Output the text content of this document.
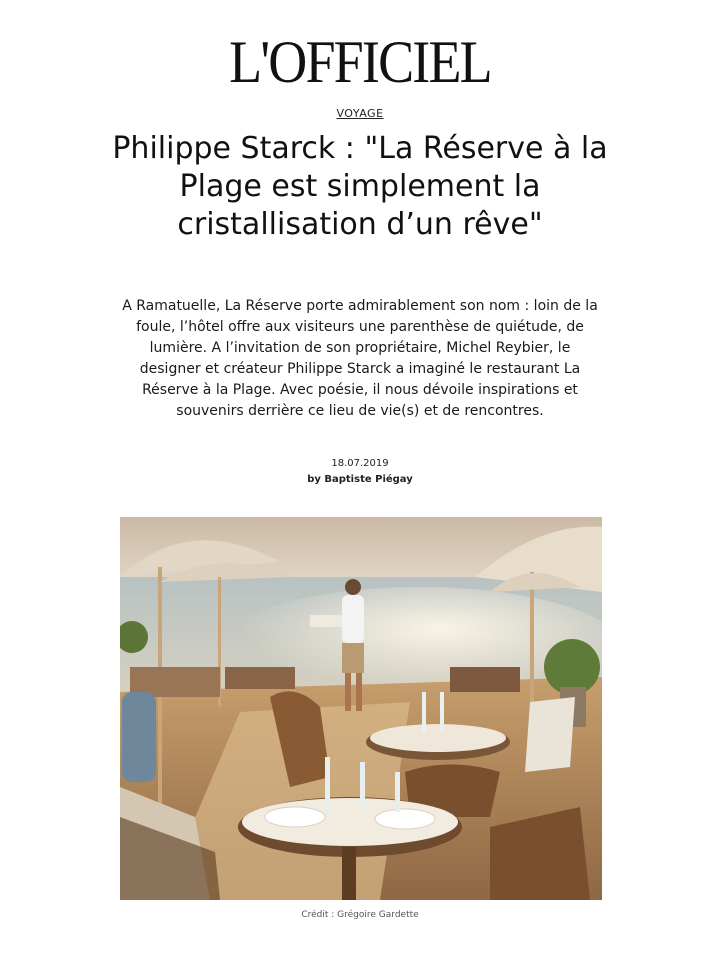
L'OFFICIEL
VOYAGE
Philippe Starck : "La Réserve à la Plage est simplement la cristallisation d’un rêve"

A Ramatuelle, La Réserve porte admirablement son nom : loin de la foule, l’hôtel offre aux visiteurs une parenthèse de quiétude, de lumière. A l’invitation de son propriétaire, Michel Reybier, le designer et créateur Philippe Starck a imaginé le restaurant La Réserve à la Plage. Avec poésie, il nous dévoile inspirations et souvenirs derrière ce lieu de vie(s) et de rencontres.

18.07.2019
by Baptiste Piégay
Crédit : Grégoire Gardette
